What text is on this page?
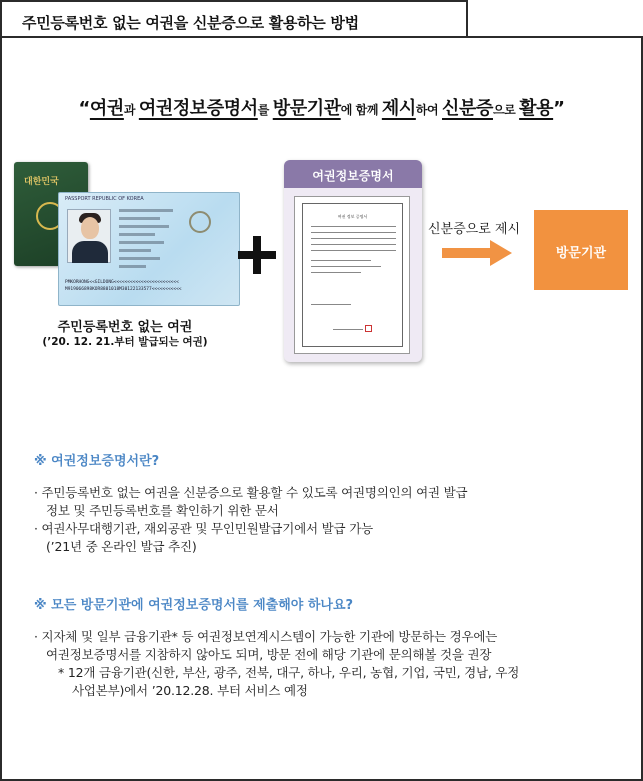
주민등록번호 없는 여권을 신분증으로 활용하는 방법
“여권과 여권정보증명서를 방문기관에 함께 제시하여 신분증으로 활용”
대한민국
PASSPORT REPUBLIC OF KOREA
PMKORHONG<<GILDONG<<<<<<<<<<<<<<<<<<<<<<<<
M919066898KOR8801018M30122133577<<<<<<<<<<<
주민등록번호 없는 여권
(’20. 12. 21.부터 발급되는 여권)
여권정보증명서
여권 정보 증명서
신분증으로 제시
방문기관
※ 여권정보증명서란?
· 주민등록번호 없는 여권을 신분증으로 활용할 수 있도록 여권명의인의 여권 발급
정보 및 주민등록번호를 확인하기 위한 문서
· 여권사무대행기관, 재외공관 및 무인민원발급기에서 발급 가능
(’21년 중 온라인 발급 추진)
※ 모든 방문기관에 여권정보증명서를 제출해야 하나요?
· 지자체 및 일부 금융기관* 등 여권정보연계시스템이 가능한 기관에 방문하는 경우에는
여권정보증명서를 지참하지 않아도 되며, 방문 전에 해당 기관에 문의해볼 것을 권장
* 12개 금융기관(신한, 부산, 광주, 전북, 대구, 하나, 우리, 농협, 기업, 국민, 경남, 우정
사업본부)에서 ’20.12.28. 부터 서비스 예정
